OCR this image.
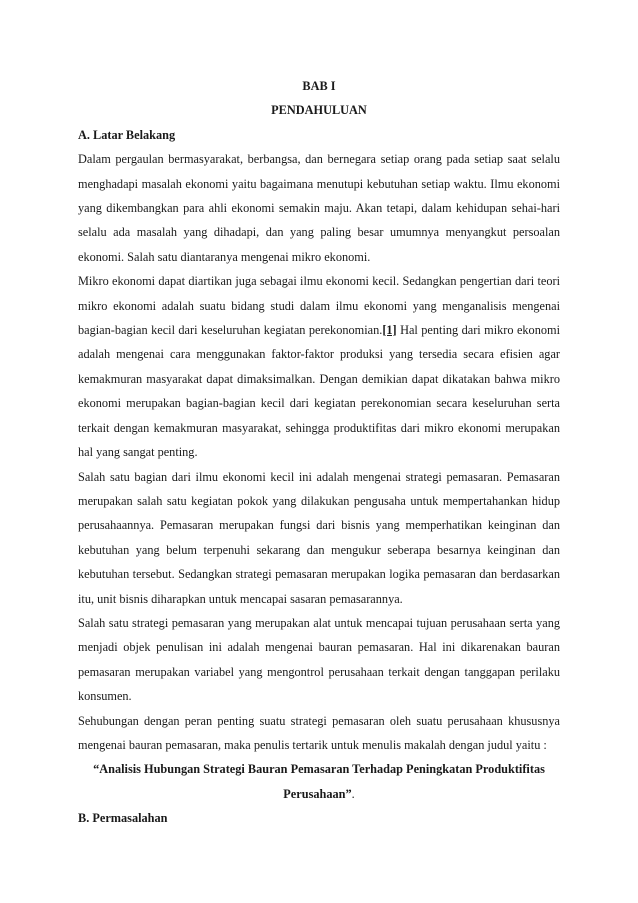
BAB I

PENDAHULUAN

A. Latar Belakang

Dalam pergaulan bermasyarakat, berbangsa, dan bernegara setiap orang pada setiap saat selalu menghadapi masalah ekonomi yaitu bagaimana menutupi kebutuhan setiap waktu. Ilmu ekonomi yang dikembangkan para ahli ekonomi semakin maju. Akan tetapi, dalam kehidupan sehai-hari selalu ada masalah yang dihadapi, dan yang paling besar umumnya menyangkut persoalan ekonomi. Salah satu diantaranya mengenai mikro ekonomi.

Mikro ekonomi dapat diartikan juga sebagai ilmu ekonomi kecil. Sedangkan pengertian dari teori mikro ekonomi adalah suatu bidang studi dalam ilmu ekonomi yang menganalisis mengenai bagian-bagian kecil dari keseluruhan kegiatan perekonomian.[1] Hal penting dari mikro ekonomi adalah mengenai cara menggunakan faktor-faktor produksi yang tersedia secara efisien agar kemakmuran masyarakat dapat dimaksimalkan. Dengan demikian dapat dikatakan bahwa mikro ekonomi merupakan bagian-bagian kecil dari kegiatan perekonomian secara keseluruhan serta terkait dengan kemakmuran masyarakat, sehingga produktifitas dari mikro ekonomi merupakan hal yang sangat penting.

Salah satu bagian dari ilmu ekonomi kecil ini adalah mengenai strategi pemasaran. Pemasaran merupakan salah satu kegiatan pokok yang dilakukan pengusaha untuk mempertahankan hidup perusahaannya. Pemasaran merupakan fungsi dari bisnis yang memperhatikan keinginan dan kebutuhan yang belum terpenuhi sekarang dan mengukur seberapa besarnya keinginan dan kebutuhan tersebut. Sedangkan strategi pemasaran merupakan logika pemasaran dan berdasarkan itu, unit bisnis diharapkan untuk mencapai sasaran pemasarannya.

Salah satu strategi pemasaran yang merupakan alat untuk mencapai tujuan perusahaan serta yang menjadi objek penulisan ini adalah mengenai bauran pemasaran. Hal ini dikarenakan bauran pemasaran merupakan variabel yang mengontrol perusahaan terkait dengan tanggapan perilaku konsumen.

Sehubungan dengan peran penting suatu strategi pemasaran oleh suatu perusahaan khususnya mengenai bauran pemasaran, maka penulis tertarik untuk menulis makalah dengan judul yaitu :

“Analisis Hubungan Strategi Bauran Pemasaran Terhadap Peningkatan Produktifitas
Perusahaan”.

B. Permasalahan
